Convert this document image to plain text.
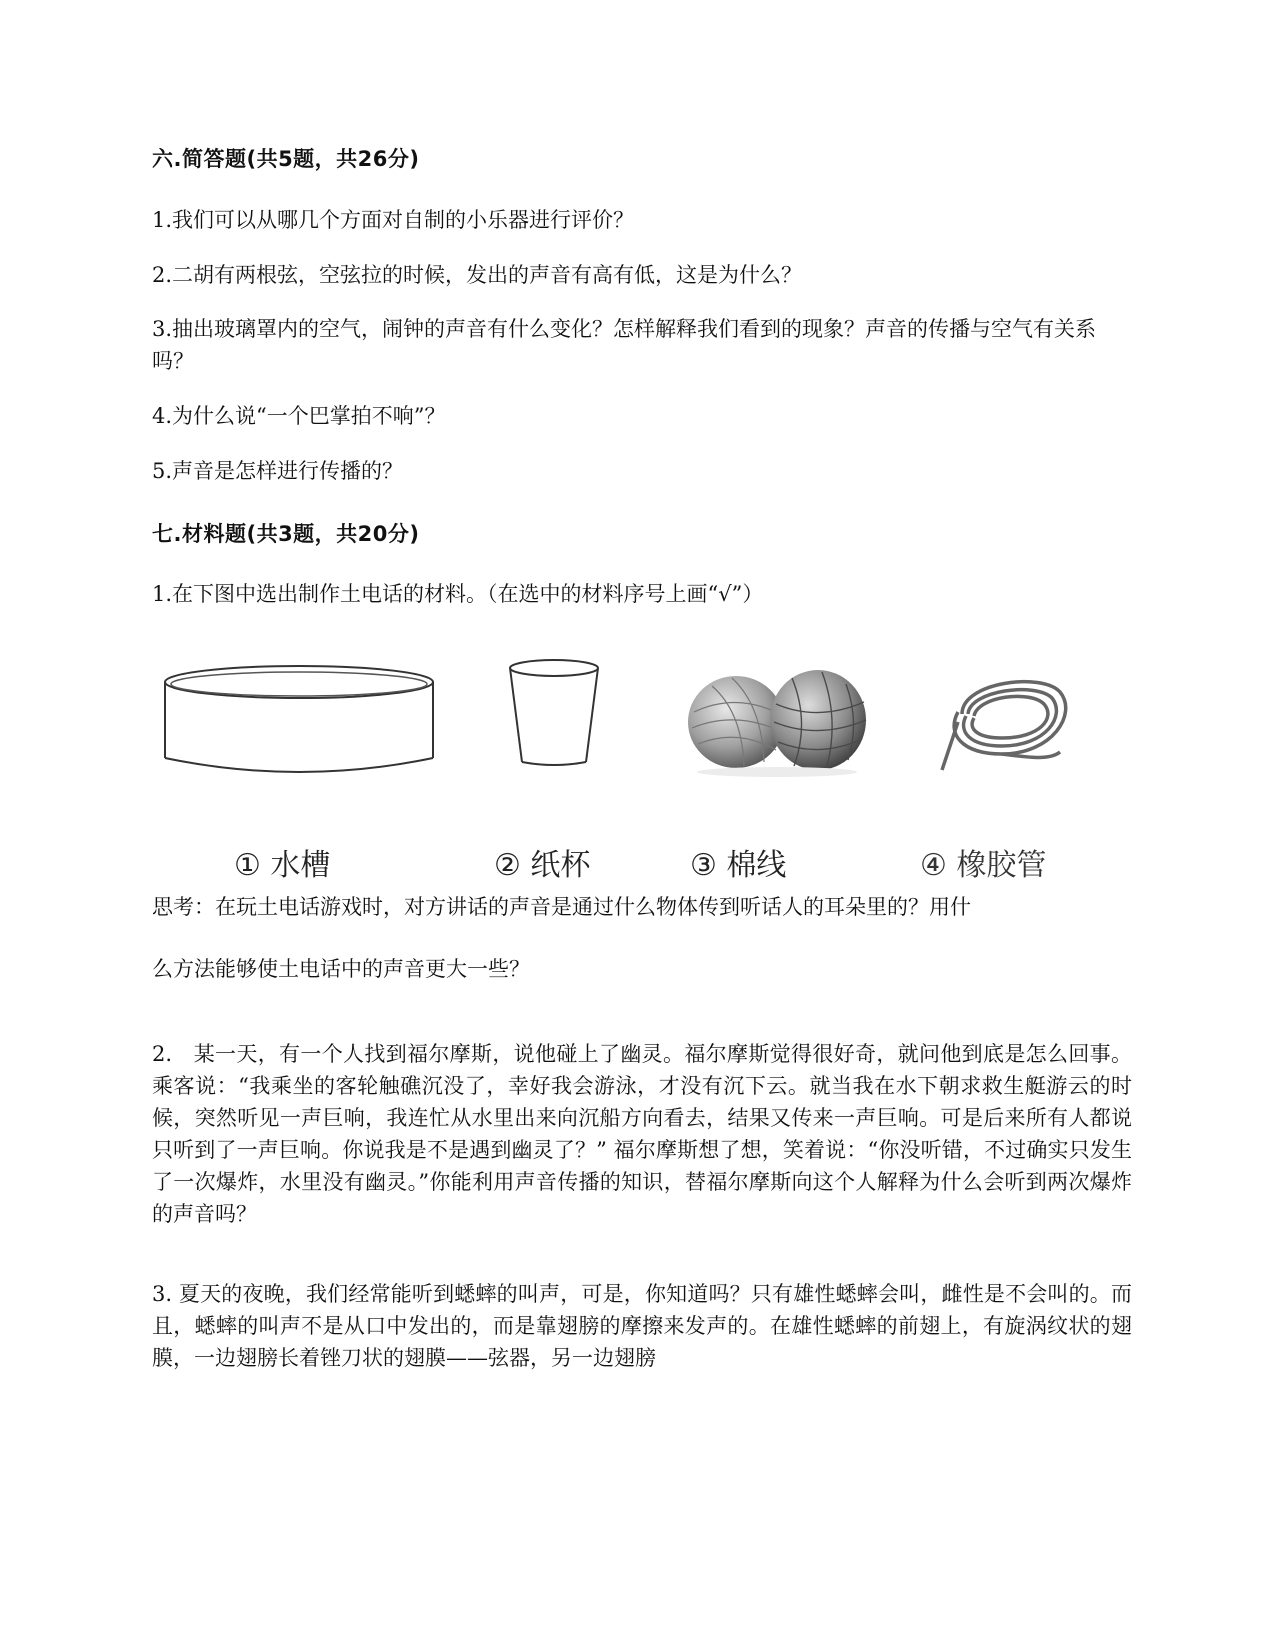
六.简答题(共5题，共26分)
1.我们可以从哪几个方面对自制的小乐器进行评价？
2.二胡有两根弦，空弦拉的时候，发出的声音有高有低，这是为什么？
3.抽出玻璃罩内的空气，闹钟的声音有什么变化？怎样解释我们看到的现象？声音的传播与空气有关系吗？
4.为什么说“一个巴掌拍不响”？
5.声音是怎样进行传播的？
七.材料题(共3题，共20分)
1.在下图中选出制作土电话的材料。（在选中的材料序号上画“√”）
① 水槽	② 纸杯	③ 棉线	④ 橡胶管
思考：在玩土电话游戏时，对方讲话的声音是通过什么物体传到听话人的耳朵里的？用什
么方法能够使土电话中的声音更大一些？
2.　某一天，有一个人找到福尔摩斯，说他碰上了幽灵。福尔摩斯觉得很好奇，就问他到底是怎么回事。乘客说：“我乘坐的客轮触礁沉没了，幸好我会游泳，才没有沉下云。就当我在水下朝求救生艇游云的时候，突然听见一声巨响，我连忙从水里出来向沉船方向看去，结果又传来一声巨响。可是后来所有人都说只听到了一声巨响。你说我是不是遇到幽灵了？” 福尔摩斯想了想，笑着说：“你没听错，不过确实只发生了一次爆炸，水里没有幽灵。”你能利用声音传播的知识，替福尔摩斯向这个人解释为什么会听到两次爆炸的声音吗？
3. 夏天的夜晚，我们经常能听到蟋蟀的叫声，可是，你知道吗？只有雄性蟋蟀会叫，雌性是不会叫的。而且，蟋蟀的叫声不是从口中发出的，而是靠翅膀的摩擦来发声的。在雄性蟋蟀的前翅上，有旋涡纹状的翅膜，一边翅膀长着锉刀状的翅膜——弦器，另一边翅膀
